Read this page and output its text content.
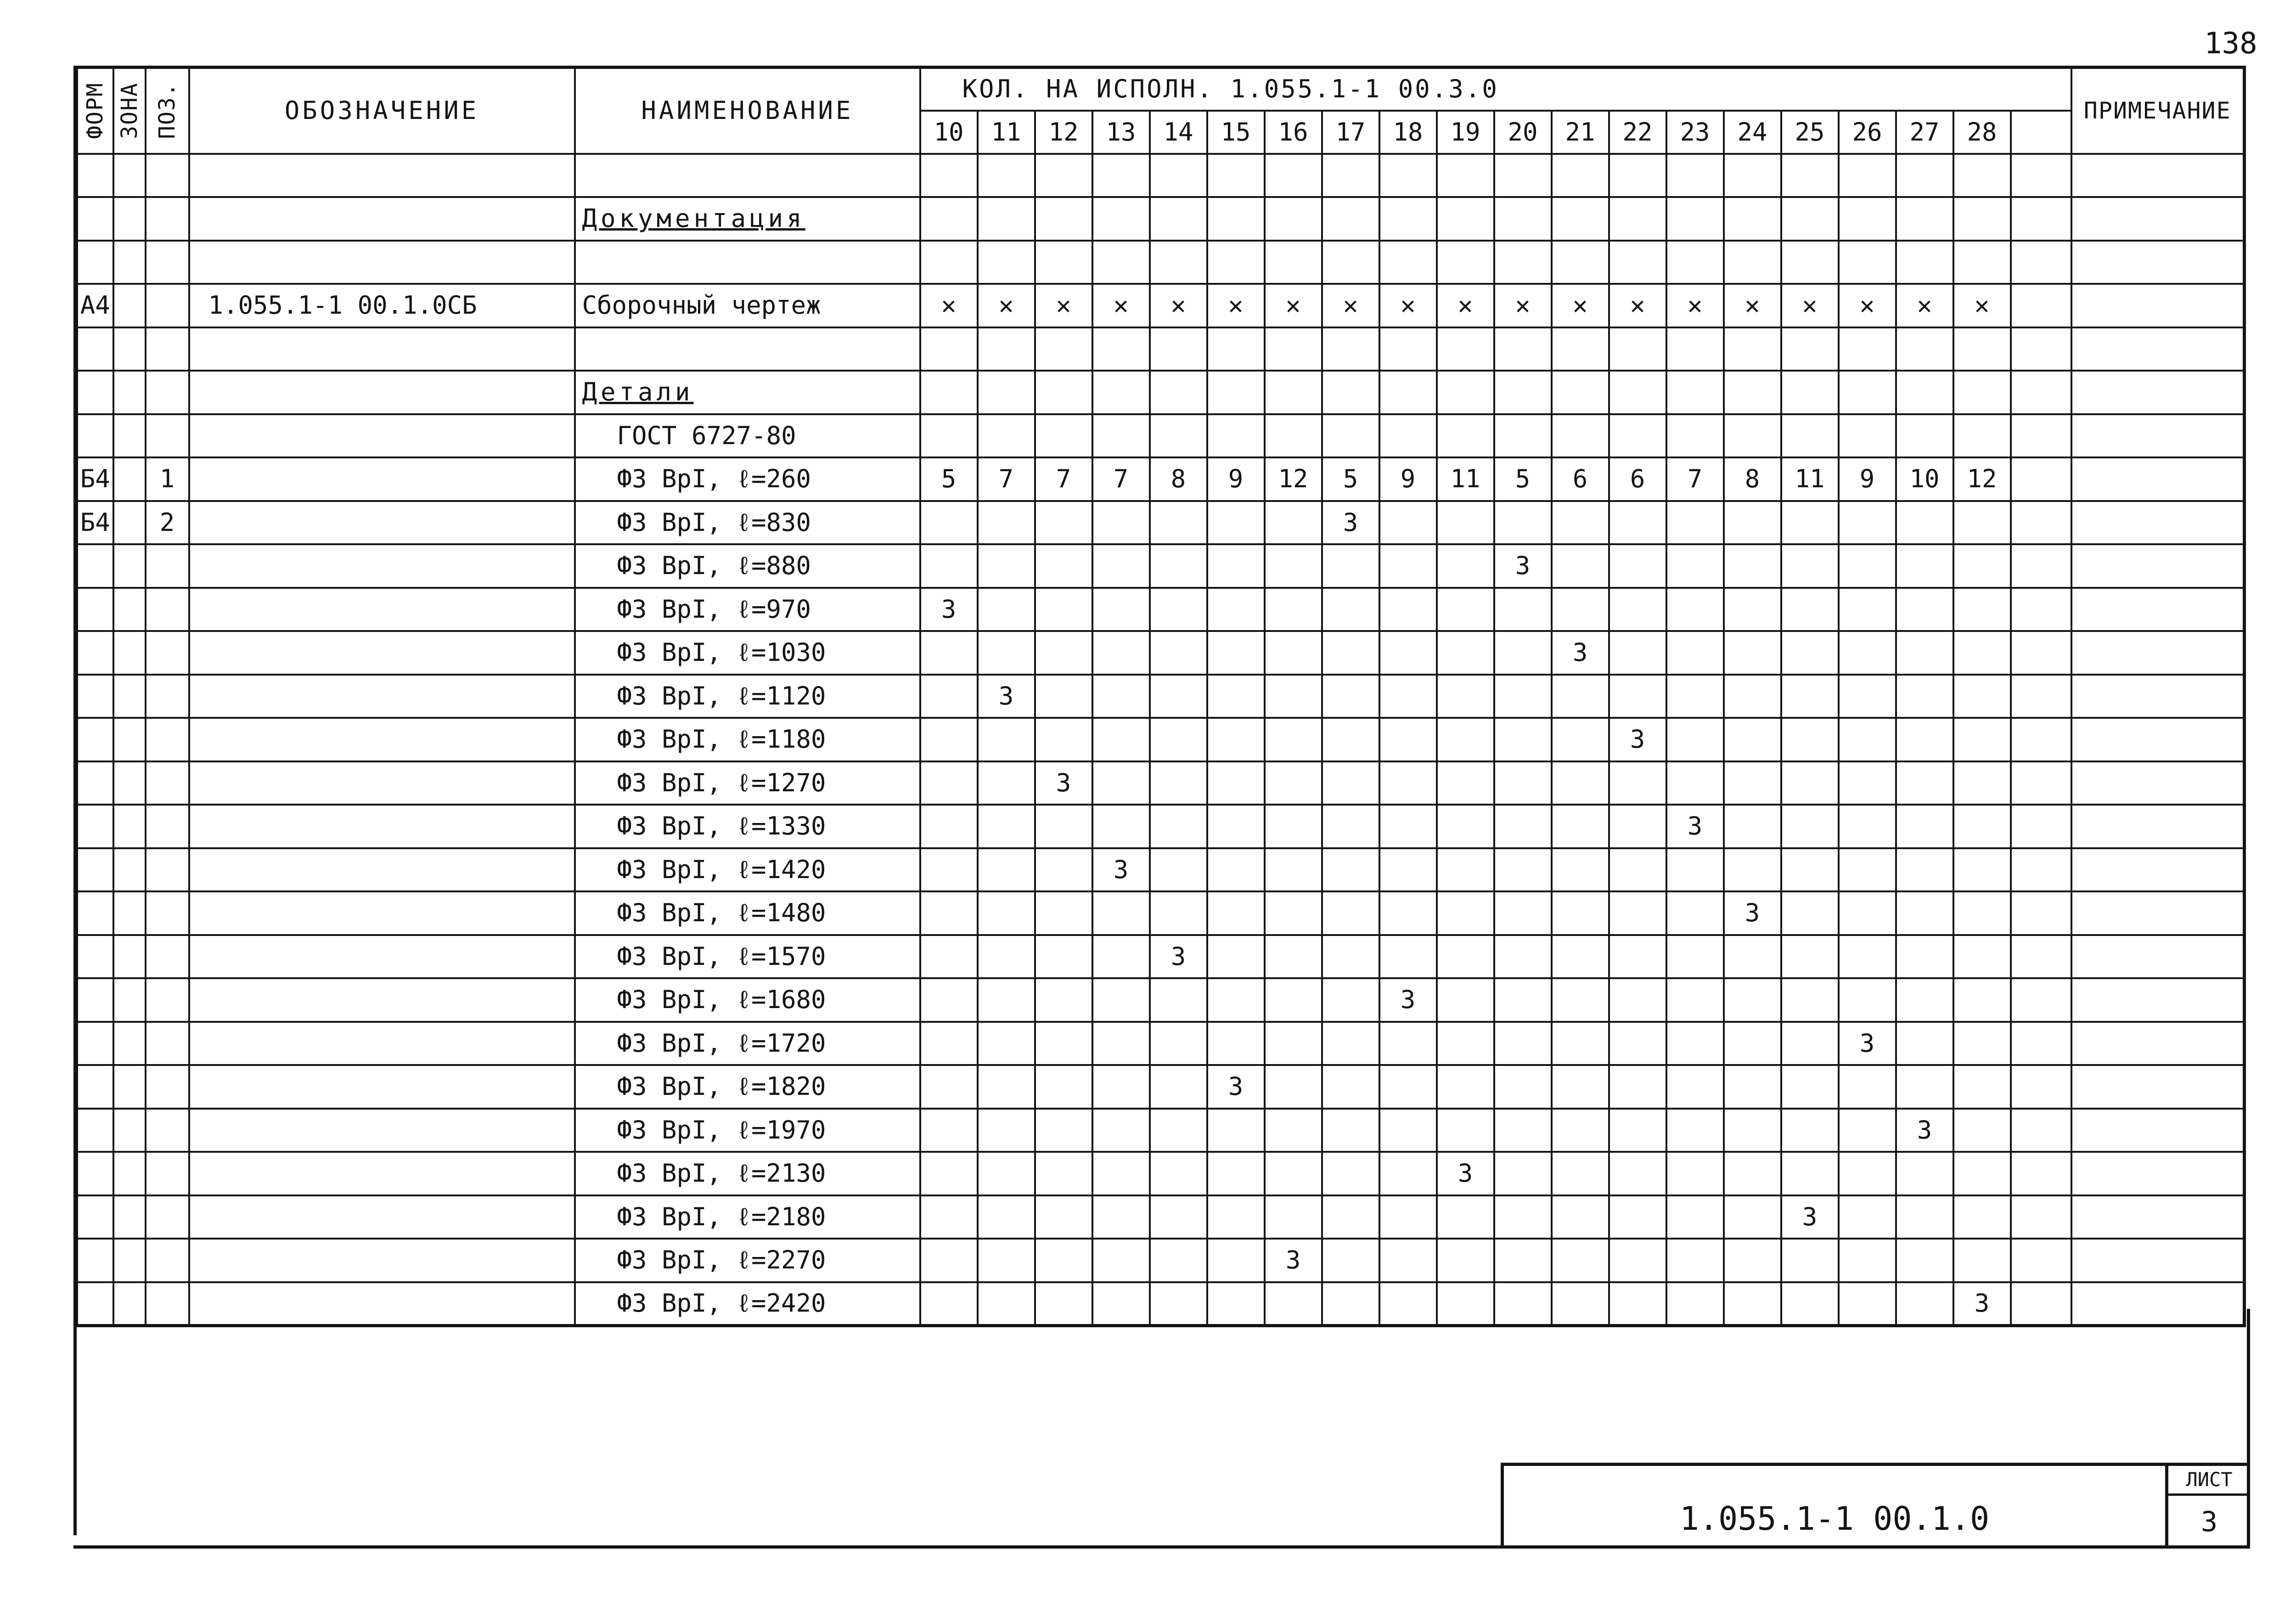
138
ФОРМ	ЗОНА	ПОЗ.	ОБОЗНАЧЕНИЕ	НАИМЕНОВАНИЕ	КОЛ. НА ИСПОЛН. 1.055.1-1 00.3.0																				ПРИМЕЧАНИЕ
					10	11	12	13	14	15	16	17	18	19	20	21	22	23	24	25	26	27	28		

				Документация																					

А4			1.055.1-1 00.1.0СБ	Сборочный чертеж	✕	✕	✕	✕	✕	✕	✕	✕	✕	✕	✕	✕	✕	✕	✕	✕	✕	✕	✕		

				Детали																					
				ГОСТ 6727-80																					
Б4		1		Ф3 ВрI, ℓ=260	5	7	7	7	8	9	12	5	9	11	5	6	6	7	8	11	9	10	12		
Б4		2		Ф3 ВрI, ℓ=830								3													
				Ф3 ВрI, ℓ=880											3										
				Ф3 ВрI, ℓ=970	3																				
				Ф3 ВрI, ℓ=1030												3									
				Ф3 ВрI, ℓ=1120		3																			
				Ф3 ВрI, ℓ=1180													3								
				Ф3 ВрI, ℓ=1270			3																		
				Ф3 ВрI, ℓ=1330														3							
				Ф3 ВрI, ℓ=1420				3																	
				Ф3 ВрI, ℓ=1480															3						
				Ф3 ВрI, ℓ=1570					3																
				Ф3 ВрI, ℓ=1680									3												
				Ф3 ВрI, ℓ=1720																	3				
				Ф3 ВрI, ℓ=1820						3															
				Ф3 ВрI, ℓ=1970																		3			
				Ф3 ВрI, ℓ=2130										3											
				Ф3 ВрI, ℓ=2180																3					
				Ф3 ВрI, ℓ=2270							3														
				Ф3 ВрI, ℓ=2420																			3		
1.055.1-1 00.1.0
ЛИСТ
3
